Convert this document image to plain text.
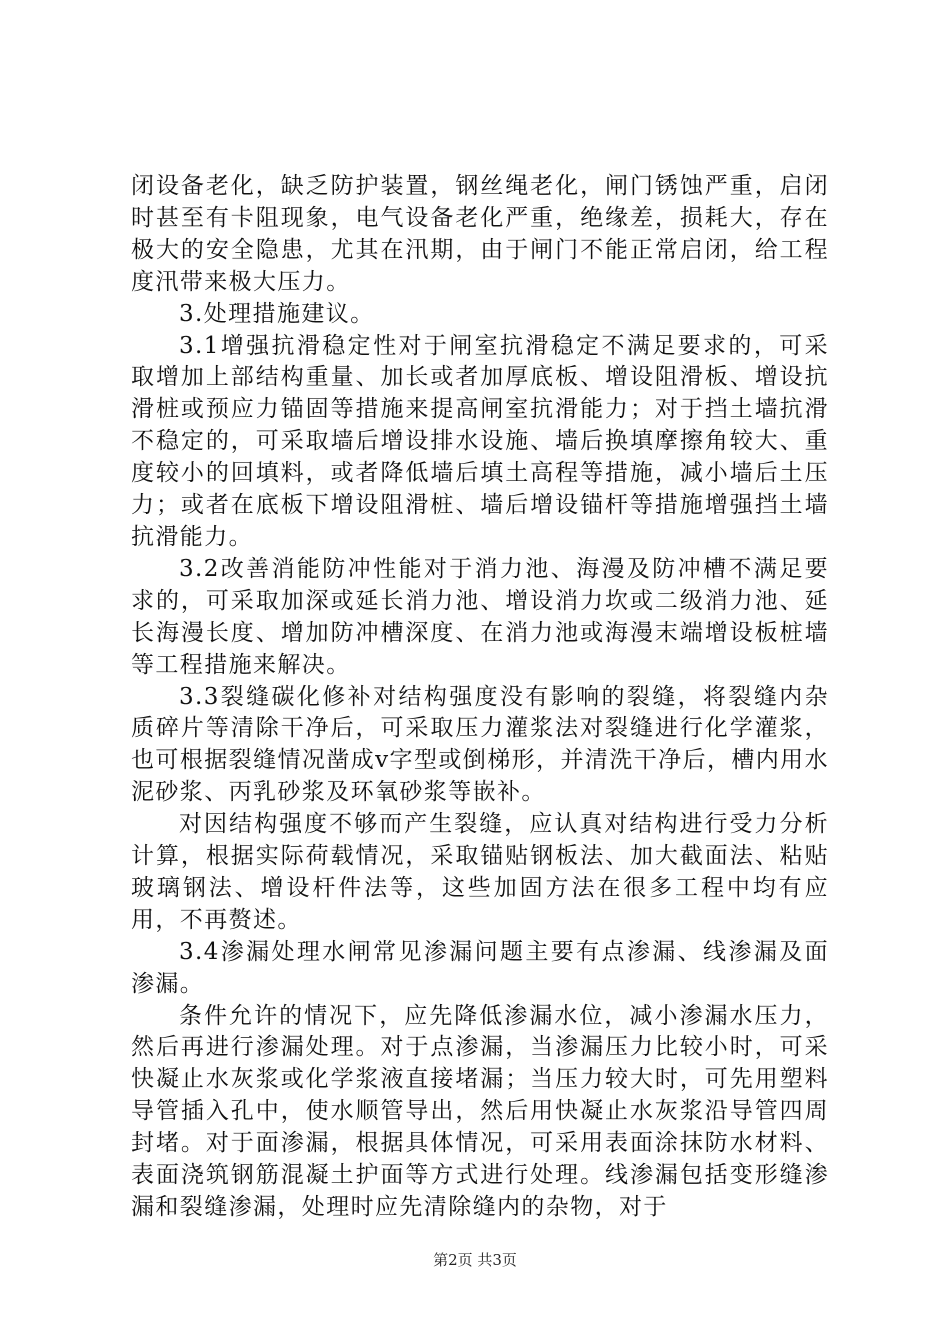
闭设备老化，缺乏防护装置，钢丝绳老化，闸门锈蚀严重，启闭时甚至有卡阻现象，电气设备老化严重，绝缘差，损耗大，存在极大的安全隐患，尤其在汛期，由于闸门不能正常启闭，给工程度汛带来极大压力。

3.处理措施建议。

3.1增强抗滑稳定性对于闸室抗滑稳定不满足要求的，可采取增加上部结构重量、加长或者加厚底板、增设阻滑板、增设抗滑桩或预应力锚固等措施来提高闸室抗滑能力；对于挡土墙抗滑不稳定的，可采取墙后增设排水设施、墙后换填摩擦角较大、重度较小的回填料，或者降低墙后填土高程等措施，减小墙后土压力；或者在底板下增设阻滑桩、墙后增设锚杆等措施增强挡土墙抗滑能力。

3.2改善消能防冲性能对于消力池、海漫及防冲槽不满足要求的，可采取加深或延长消力池、增设消力坎或二级消力池、延长海漫长度、增加防冲槽深度、在消力池或海漫末端增设板桩墙等工程措施来解决。

3.3裂缝碳化修补对结构强度没有影响的裂缝，将裂缝内杂质碎片等清除干净后，可采取压力灌浆法对裂缝进行化学灌浆，也可根据裂缝情况凿成v字型或倒梯形，并清洗干净后，槽内用水泥砂浆、丙乳砂浆及环氧砂浆等嵌补。

对因结构强度不够而产生裂缝，应认真对结构进行受力分析计算，根据实际荷载情况，采取锚贴钢板法、加大截面法、粘贴玻璃钢法、增设杆件法等，这些加固方法在很多工程中均有应用，不再赘述。

3.4渗漏处理水闸常见渗漏问题主要有点渗漏、线渗漏及面渗漏。

条件允许的情况下，应先降低渗漏水位，减小渗漏水压力，然后再进行渗漏处理。对于点渗漏，当渗漏压力比较小时，可采快凝止水灰浆或化学浆液直接堵漏；当压力较大时，可先用塑料导管插入孔中，使水顺管导出，然后用快凝止水灰浆沿导管四周封堵。对于面渗漏，根据具体情况，可采用表面涂抹防水材料、表面浇筑钢筋混凝土护面等方式进行处理。线渗漏包括变形缝渗漏和裂缝渗漏，处理时应先清除缝内的杂物，对于

第2页 共3页
